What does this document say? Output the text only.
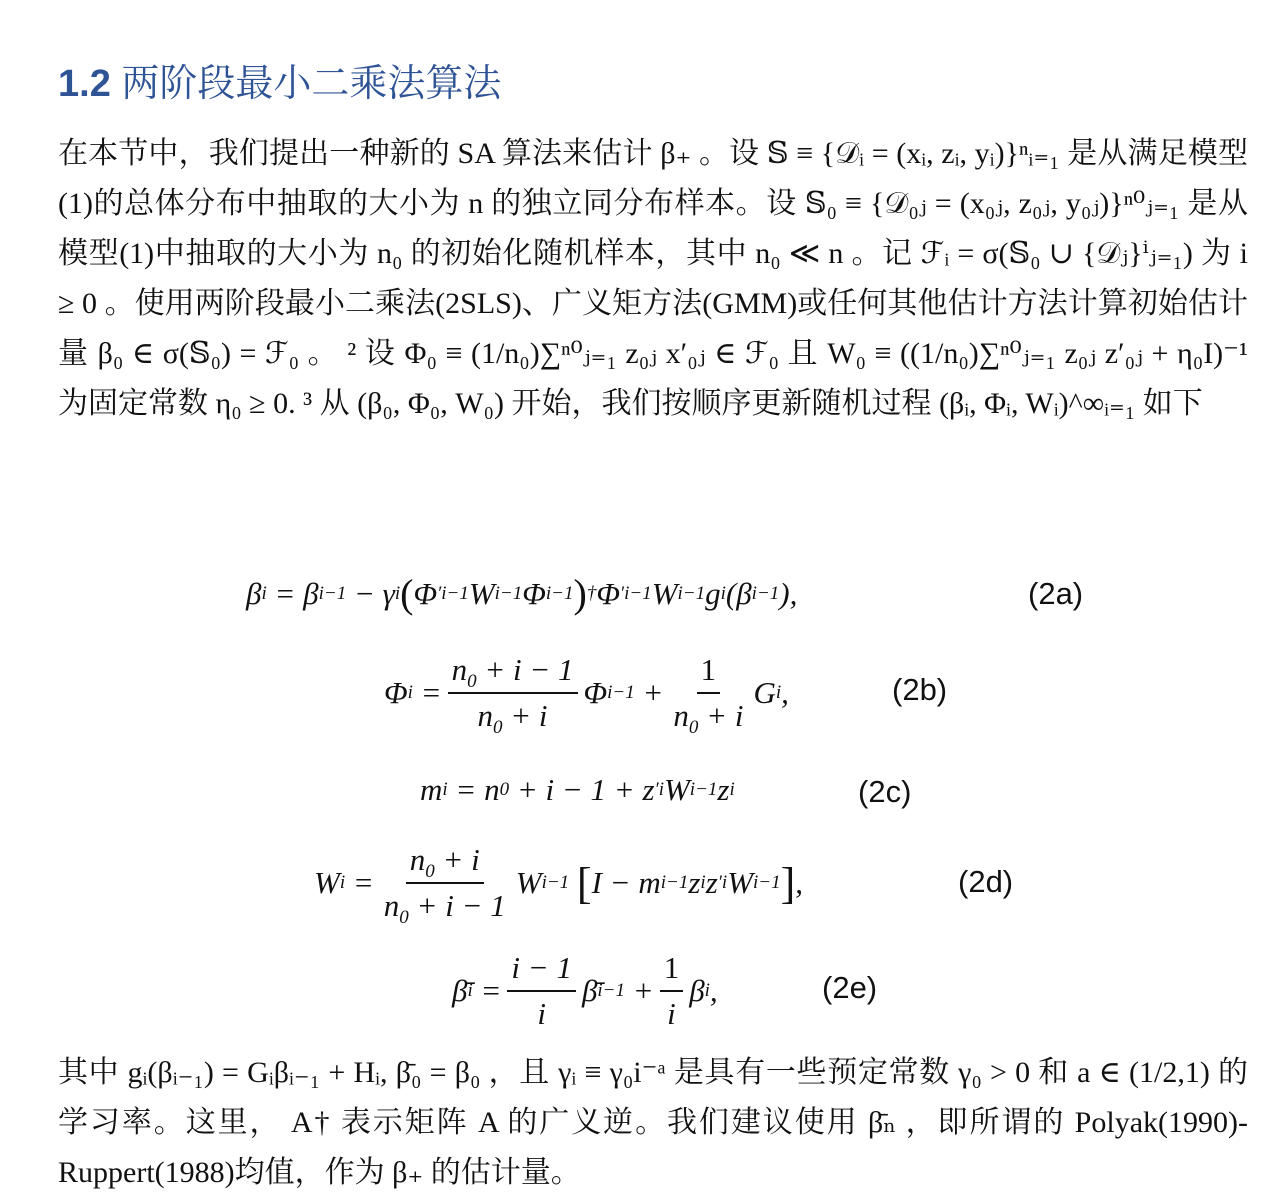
1.2 两阶段最小二乘法算法

在本节中，我们提出一种新的 SA 算法来估计 β₊ 。设 𝕊 ≡ {𝒟ᵢ = (xᵢ, zᵢ, yᵢ)}ⁿᵢ₌₁ 是从满足模型(1)的总体分布中抽取的大小为 n 的独立同分布样本。设 𝕊₀ ≡ {𝒟₀ⱼ = (x₀ⱼ, z₀ⱼ, y₀ⱼ)}ⁿ⁰ⱼ₌₁ 是从模型(1)中抽取的大小为 n₀ 的初始化随机样本，其中 n₀ ≪ n 。记 ℱᵢ = σ(𝕊₀ ∪ {𝒟ⱼ}ⁱⱼ₌₁) 为 i ≥ 0 。使用两阶段最小二乘法(2SLS)、广义矩方法(GMM)或任何其他估计方法计算初始估计量 β₀ ∈ σ(𝕊₀) = ℱ₀ 。 ² 设 Φ₀ ≡ (1/n₀)∑ⁿ⁰ⱼ₌₁ z₀ⱼ x′₀ⱼ ∈ ℱ₀ 且 W₀ ≡ ((1/n₀)∑ⁿ⁰ⱼ₌₁ z₀ⱼ z′₀ⱼ + η₀I)⁻¹ 为固定常数 η₀ ≥ 0. ³ 从 (β₀, Φ₀, W₀) 开始，我们按顺序更新随机过程 (βᵢ, Φᵢ, Wᵢ)^∞ᵢ₌₁ 如下

β i = β i−1 − γ i ( Φ ′ i−1 W i−1 Φ i−1 ) † Φ ′ i−1 W i−1 g i (β i−1 ),	(2a)
Φ $i = \frac{n_0 + i - 1}{n_0 + i}$ Φ $i-1 + \frac{1}{n_0 + i}$ G i ,	(2b)
m i = n 0 + i − 1 + z ′ i W i−1 z i	(2c)
W $i = \frac{n_0 + i}{n_0 + i - 1}$ W i−1
[ I − m i −1 z i z ′ i W i−1 ] ,	(2d)
β̄ $i = \frac{i - 1}{i}$ β̄ $i-1 + \frac{1}{i}$ β i ,	(2e)

其中 gᵢ(βᵢ₋₁) = Gᵢβᵢ₋₁ + Hᵢ, β̄₀ = β₀ ，且 γᵢ ≡ γ₀i⁻ᵃ 是具有一些预定常数 γ₀ > 0 和 a ∈ (1/2,1) 的学习率。这里， A† 表示矩阵 A 的广义逆。我们建议使用 β̄ₙ ，即所谓的 Polyak(1990)-Ruppert(1988)均值，作为 β₊ 的估计量。
